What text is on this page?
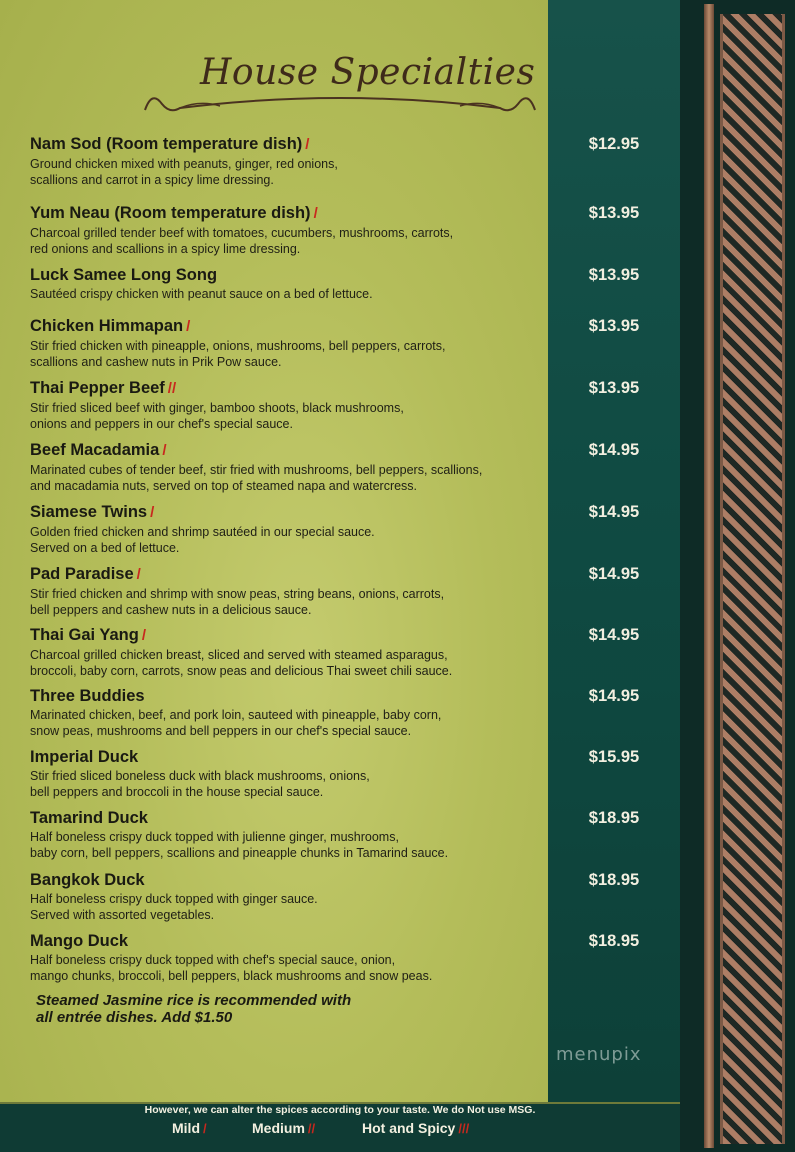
House Specialties
Nam Sod (Room temperature dish) /
Ground chicken mixed with peanuts, ginger, red onions,
scallions and carrot in a spicy lime dressing.
$12.95
Yum Neau (Room temperature dish) /
Charcoal grilled tender beef with tomatoes, cucumbers, mushrooms, carrots,
red onions and scallions in a spicy lime dressing.
$13.95
Luck Samee Long Song
Sautéed crispy chicken with peanut sauce on a bed of lettuce.
$13.95
Chicken Himmapan /
Stir fried chicken with pineapple, onions, mushrooms, bell peppers, carrots,
scallions and cashew nuts in Prik Pow sauce.
$13.95
Thai Pepper Beef //
Stir fried sliced beef with ginger, bamboo shoots, black mushrooms,
onions and peppers in our chef's special sauce.
$13.95
Beef Macadamia /
Marinated cubes of tender beef, stir fried with mushrooms, bell peppers, scallions,
and macadamia nuts, served on top of steamed napa and watercress.
$14.95
Siamese Twins /
Golden fried chicken and shrimp sautéed in our special sauce.
Served on a bed of lettuce.
$14.95
Pad Paradise /
Stir fried chicken and shrimp with snow peas, string beans, onions, carrots,
bell peppers and cashew nuts in a delicious sauce.
$14.95
Thai Gai Yang /
Charcoal grilled chicken breast, sliced and served with steamed asparagus,
broccoli, baby corn, carrots, snow peas and delicious Thai sweet chili sauce.
$14.95
Three Buddies
Marinated chicken, beef, and pork loin, sauteed with pineapple, baby corn,
snow peas, mushrooms and bell peppers in our chef's special sauce.
$14.95
Imperial Duck
Stir fried sliced boneless duck with black mushrooms, onions,
bell peppers and broccoli in the house special sauce.
$15.95
Tamarind Duck
Half boneless crispy duck topped with julienne ginger, mushrooms,
baby corn, bell peppers, scallions and pineapple chunks in Tamarind sauce.
$18.95
Bangkok Duck
Half boneless crispy duck topped with ginger sauce.
Served with assorted vegetables.
$18.95
Mango Duck
Half boneless crispy duck topped with chef's special sauce, onion,
mango chunks, broccoli, bell peppers, black mushrooms and snow peas.
$18.95
Steamed Jasmine rice is recommended with
all entrée dishes. Add $1.50
menupix
However, we can alter the spices according to your taste. We do Not use MSG.
Mild /	Medium //	Hot and Spicy ///
